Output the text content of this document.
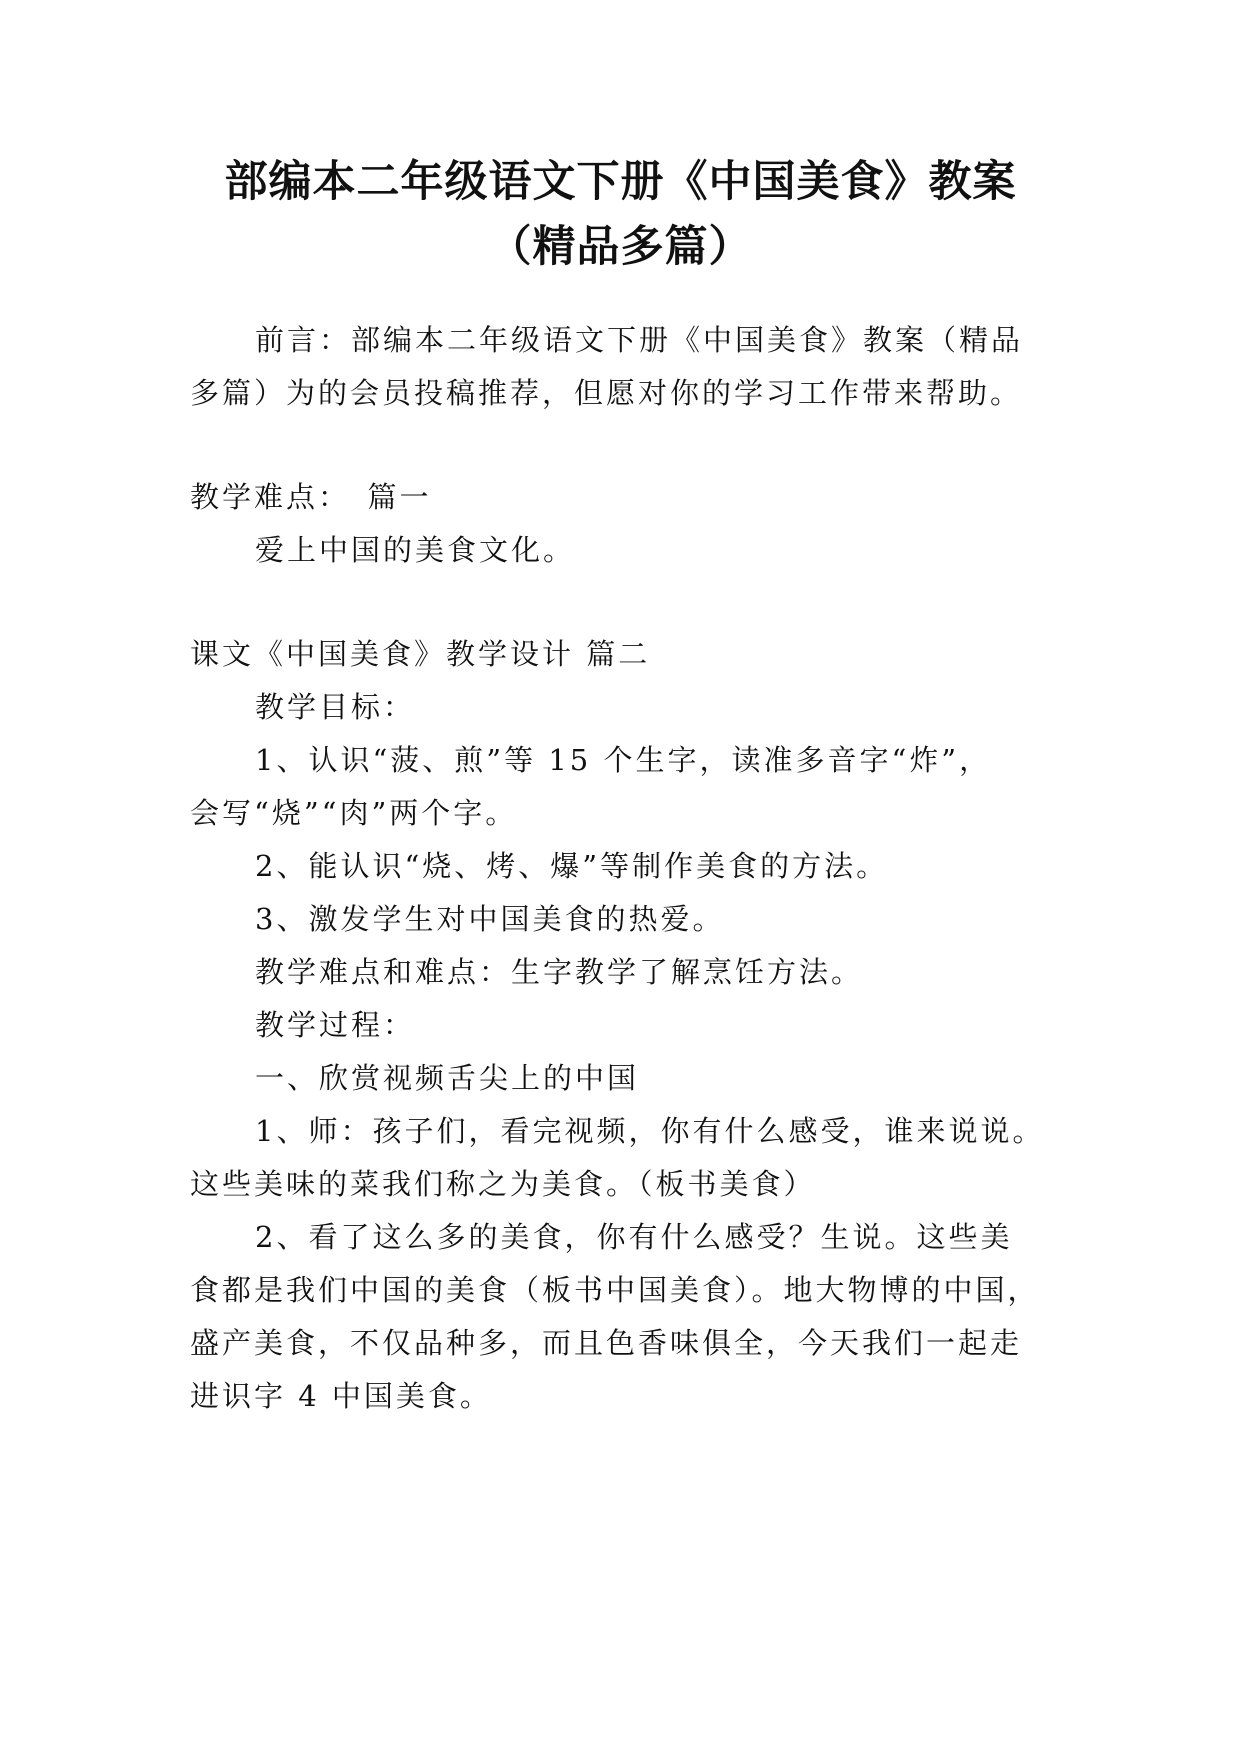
部编本二年级语文下册《中国美食》教案
（精品多篇）

前言：部编本二年级语文下册《中国美食》教案（精品

多篇）为的会员投稿推荐，但愿对你的学习工作带来帮助。

教学难点：　篇一

爱上中国的美食文化。

课文《中国美食》教学设计 篇二

教学目标：

1、认识“菠、煎”等 15 个生字，读准多音字“炸”，

会写“烧”“肉”两个字。

2、能认识“烧、烤、爆”等制作美食的方法。

3、激发学生对中国美食的热爱。

教学难点和难点：生字教学了解烹饪方法。

教学过程：

一、欣赏视频舌尖上的中国

1、师：孩子们，看完视频，你有什么感受，谁来说说。

这些美味的菜我们称之为美食。（板书美食）

2、看了这么多的美食，你有什么感受？生说。这些美

食都是我们中国的美食（板书中国美食）。地大物博的中国，

盛产美食，不仅品种多，而且色香味俱全，今天我们一起走

进识字 4 中国美食。
